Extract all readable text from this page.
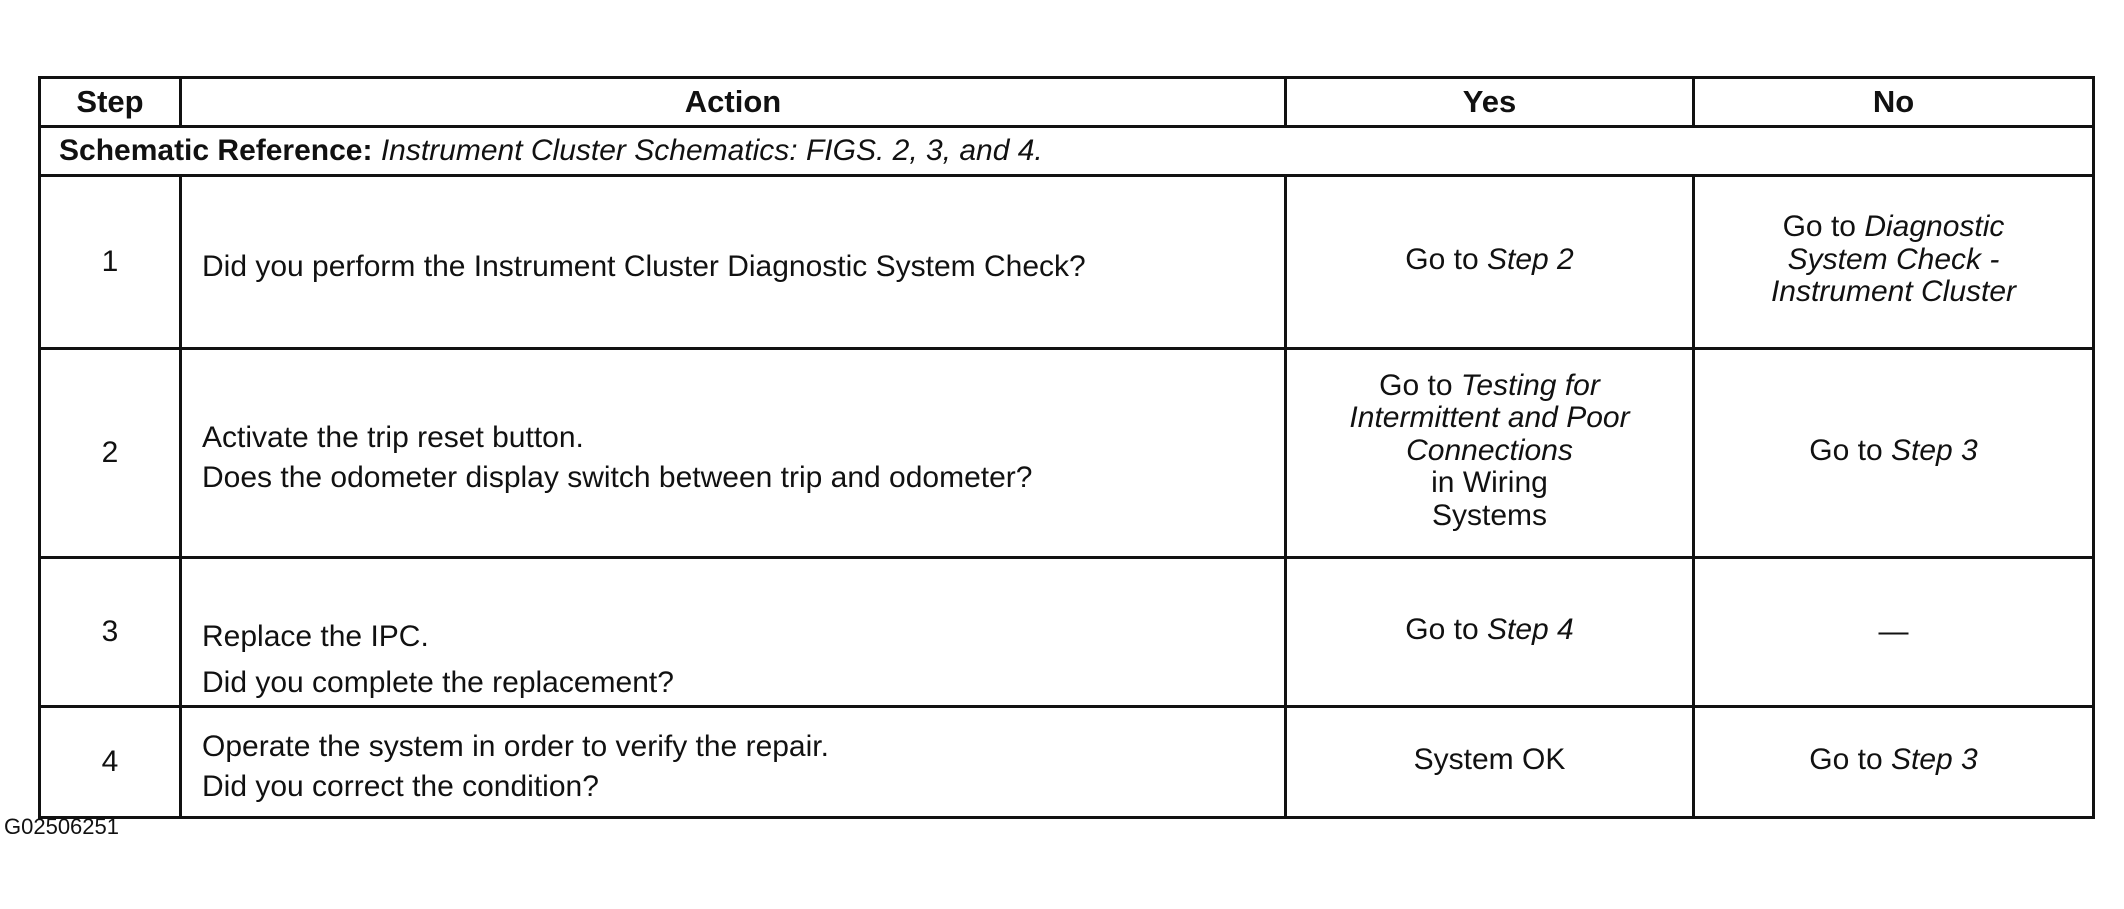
Step	Action	Yes	No
Schematic Reference: Instrument Cluster Schematics: FIGS. 2, 3, and 4.			
1	Did you perform the Instrument Cluster Diagnostic System Check?	Go to Step 2	Go to Diagnostic
System Check -
Instrument Cluster

2	Activate the trip reset button.
Does the odometer display switch between trip and odometer?	Go to Testing for
Intermittent and Poor
Connections
in Wiring
Systems	Go to Step 3
3	Replace the IPC.
Did you complete the replacement?	Go to Step 4	—
4	Operate the system in order to verify the repair.
Did you correct the condition?	System OK	Go to Step 3
G02506251
